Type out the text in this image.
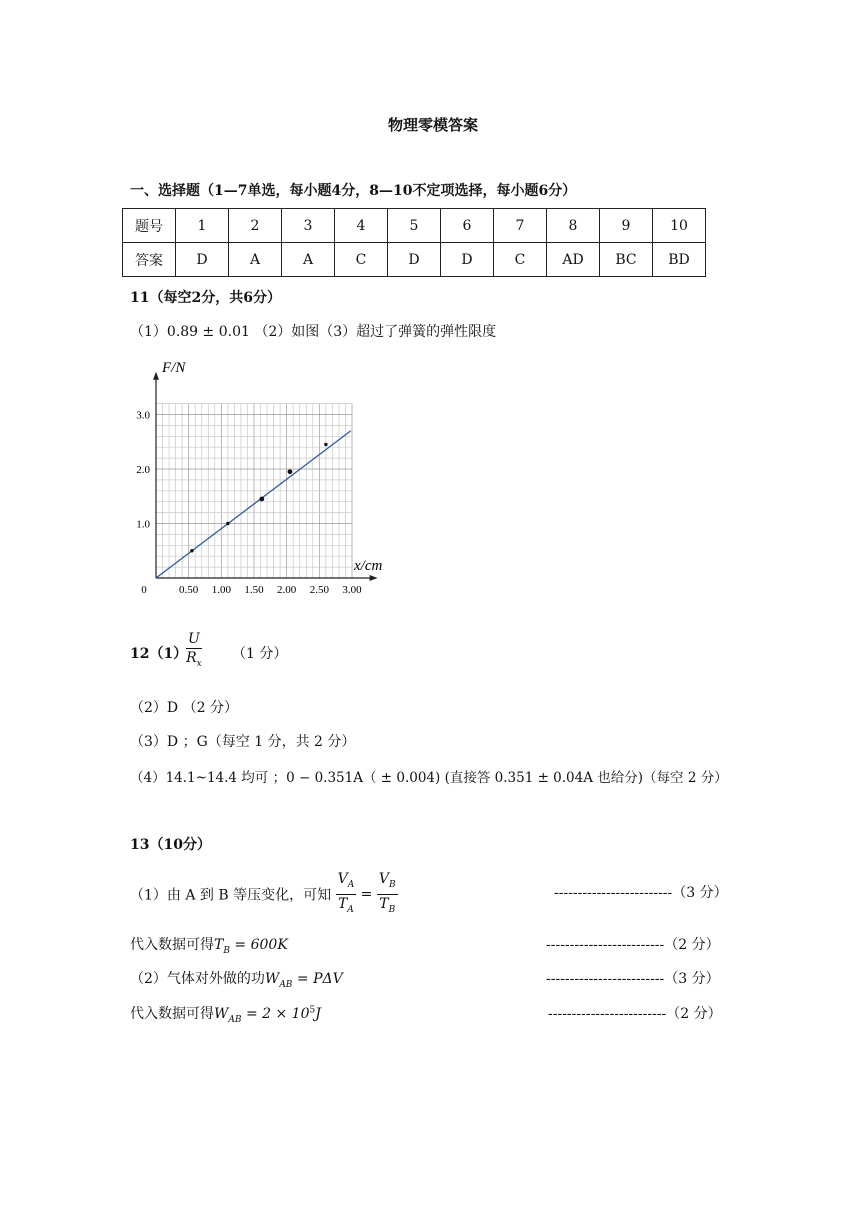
物理零模答案
一、选择题（1—7单选，每小题4分，8—10不定项选择，每小题6分）
题号	1	2	3	4	5	6	7	8	9	10
答案	D	A	A	C	D	D	C	AD	BC	BD
11（每空2分，共6分）
（1）0.89 ± 0.01 （2）如图（3）超过了弹簧的弹性限度
0	0.50 1.00 1.50 2.00 2.50 3.00
1.0
2.0
3.0
F/N
x/cm
12（1）
$\frac{U}{R_x} (1$ 分）
（2）D （2 分）
（3）D ；G（每空 1 分，共 2 分）
（4）14.1~14.4 均可 ；0 − 0.351A（ ± 0.004) (直接答 0.351 ± 0.04A 也给分)（每空 2 分）
13（10分）
（1）由 A 到 B 等压变化，可知 $\frac{V_A}{T_A} = \frac{V_B}{T_B}$	-------------------------（3 分）
代入数据可得$T_B = 600K$	-------------------------（2 分）
（2）气体对外做的功$W_{AB} = P\Delta V$	-------------------------（3 分）
代入数据可得$W_{AB} = 2 \times 10^5J$	-------------------------（2 分）
